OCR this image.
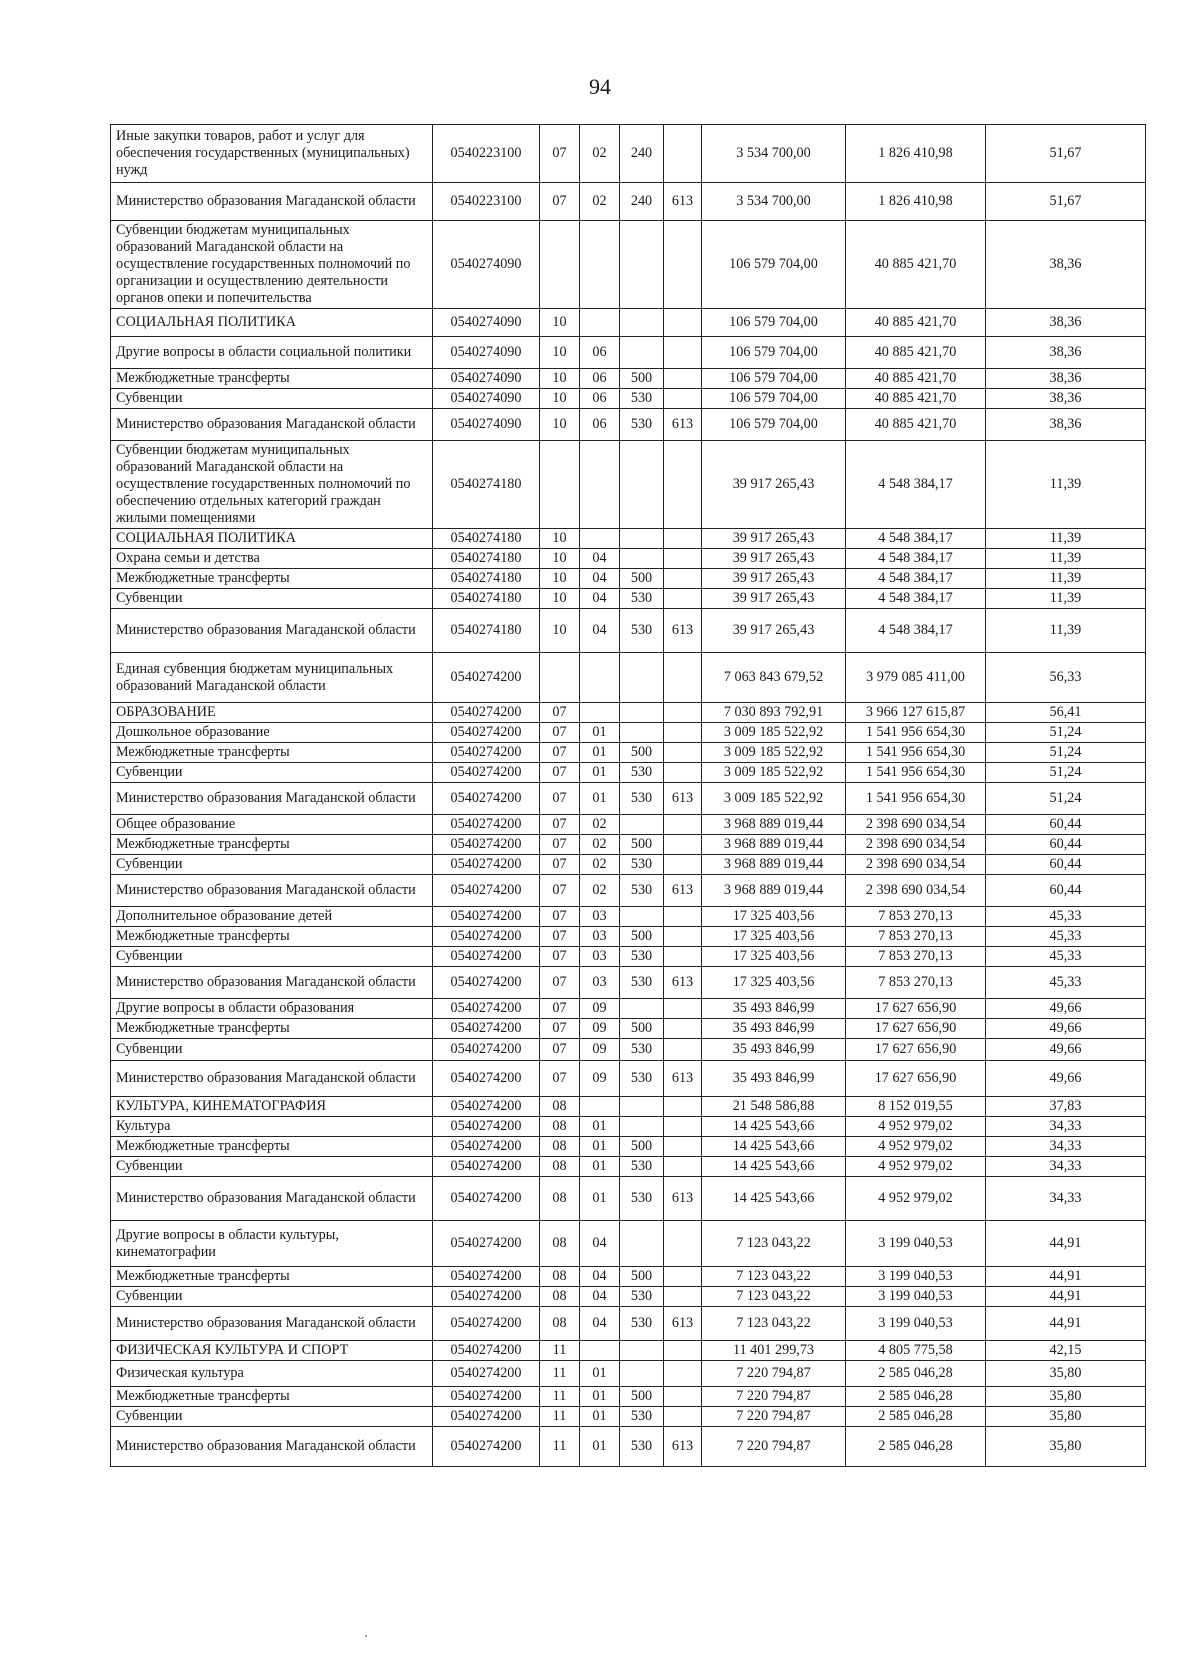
94
Иные закупки товаров, работ и услуг для обеспечения государственных (муниципальных) нужд	0540223100	07	02	240		3 534 700,00	1 826 410,98	51,67
Министерство образования Магаданской области	0540223100	07	02	240	613	3 534 700,00	1 826 410,98	51,67
Субвенции бюджетам муниципальных образований Магаданской области на осуществление государственных полномочий по организации и осуществлению деятельности органов опеки и попечительства	0540274090					106 579 704,00	40 885 421,70	38,36
СОЦИАЛЬНАЯ ПОЛИТИКА	0540274090	10				106 579 704,00	40 885 421,70	38,36
Другие вопросы в области социальной политики	0540274090	10	06			106 579 704,00	40 885 421,70	38,36
Межбюджетные трансферты	0540274090	10	06	500		106 579 704,00	40 885 421,70	38,36
Субвенции	0540274090	10	06	530		106 579 704,00	40 885 421,70	38,36
Министерство образования Магаданской области	0540274090	10	06	530	613	106 579 704,00	40 885 421,70	38,36
Субвенции бюджетам муниципальных образований Магаданской области на осуществление государственных полномочий по обеспечению отдельных категорий граждан жилыми помещениями	0540274180					39 917 265,43	4 548 384,17	11,39
СОЦИАЛЬНАЯ ПОЛИТИКА	0540274180	10				39 917 265,43	4 548 384,17	11,39
Охрана семьи и детства	0540274180	10	04			39 917 265,43	4 548 384,17	11,39
Межбюджетные трансферты	0540274180	10	04	500		39 917 265,43	4 548 384,17	11,39
Субвенции	0540274180	10	04	530		39 917 265,43	4 548 384,17	11,39
Министерство образования Магаданской области	0540274180	10	04	530	613	39 917 265,43	4 548 384,17	11,39
Единая субвенция бюджетам муниципальных образований Магаданской области	0540274200					7 063 843 679,52	3 979 085 411,00	56,33
ОБРАЗОВАНИЕ	0540274200	07				7 030 893 792,91	3 966 127 615,87	56,41
Дошкольное образование	0540274200	07	01			3 009 185 522,92	1 541 956 654,30	51,24
Межбюджетные трансферты	0540274200	07	01	500		3 009 185 522,92	1 541 956 654,30	51,24
Субвенции	0540274200	07	01	530		3 009 185 522,92	1 541 956 654,30	51,24
Министерство образования Магаданской области	0540274200	07	01	530	613	3 009 185 522,92	1 541 956 654,30	51,24
Общее образование	0540274200	07	02			3 968 889 019,44	2 398 690 034,54	60,44
Межбюджетные трансферты	0540274200	07	02	500		3 968 889 019,44	2 398 690 034,54	60,44
Субвенции	0540274200	07	02	530		3 968 889 019,44	2 398 690 034,54	60,44
Министерство образования Магаданской области	0540274200	07	02	530	613	3 968 889 019,44	2 398 690 034,54	60,44
Дополнительное образование детей	0540274200	07	03			17 325 403,56	7 853 270,13	45,33
Межбюджетные трансферты	0540274200	07	03	500		17 325 403,56	7 853 270,13	45,33
Субвенции	0540274200	07	03	530		17 325 403,56	7 853 270,13	45,33
Министерство образования Магаданской области	0540274200	07	03	530	613	17 325 403,56	7 853 270,13	45,33
Другие вопросы в области образования	0540274200	07	09			35 493 846,99	17 627 656,90	49,66
Межбюджетные трансферты	0540274200	07	09	500		35 493 846,99	17 627 656,90	49,66
Субвенции	0540274200	07	09	530		35 493 846,99	17 627 656,90	49,66
Министерство образования Магаданской области	0540274200	07	09	530	613	35 493 846,99	17 627 656,90	49,66
КУЛЬТУРА, КИНЕМАТОГРАФИЯ	0540274200	08				21 548 586,88	8 152 019,55	37,83
Культура	0540274200	08	01			14 425 543,66	4 952 979,02	34,33
Межбюджетные трансферты	0540274200	08	01	500		14 425 543,66	4 952 979,02	34,33
Субвенции	0540274200	08	01	530		14 425 543,66	4 952 979,02	34,33
Министерство образования Магаданской области	0540274200	08	01	530	613	14 425 543,66	4 952 979,02	34,33
Другие вопросы в области культуры, кинематографии	0540274200	08	04			7 123 043,22	3 199 040,53	44,91
Межбюджетные трансферты	0540274200	08	04	500		7 123 043,22	3 199 040,53	44,91
Субвенции	0540274200	08	04	530		7 123 043,22	3 199 040,53	44,91
Министерство образования Магаданской области	0540274200	08	04	530	613	7 123 043,22	3 199 040,53	44,91
ФИЗИЧЕСКАЯ КУЛЬТУРА И СПОРТ	0540274200	11				11 401 299,73	4 805 775,58	42,15
Физическая культура	0540274200	11	01			7 220 794,87	2 585 046,28	35,80
Межбюджетные трансферты	0540274200	11	01	500		7 220 794,87	2 585 046,28	35,80
Субвенции	0540274200	11	01	530		7 220 794,87	2 585 046,28	35,80
Министерство образования Магаданской области	0540274200	11	01	530	613	7 220 794,87	2 585 046,28	35,80
